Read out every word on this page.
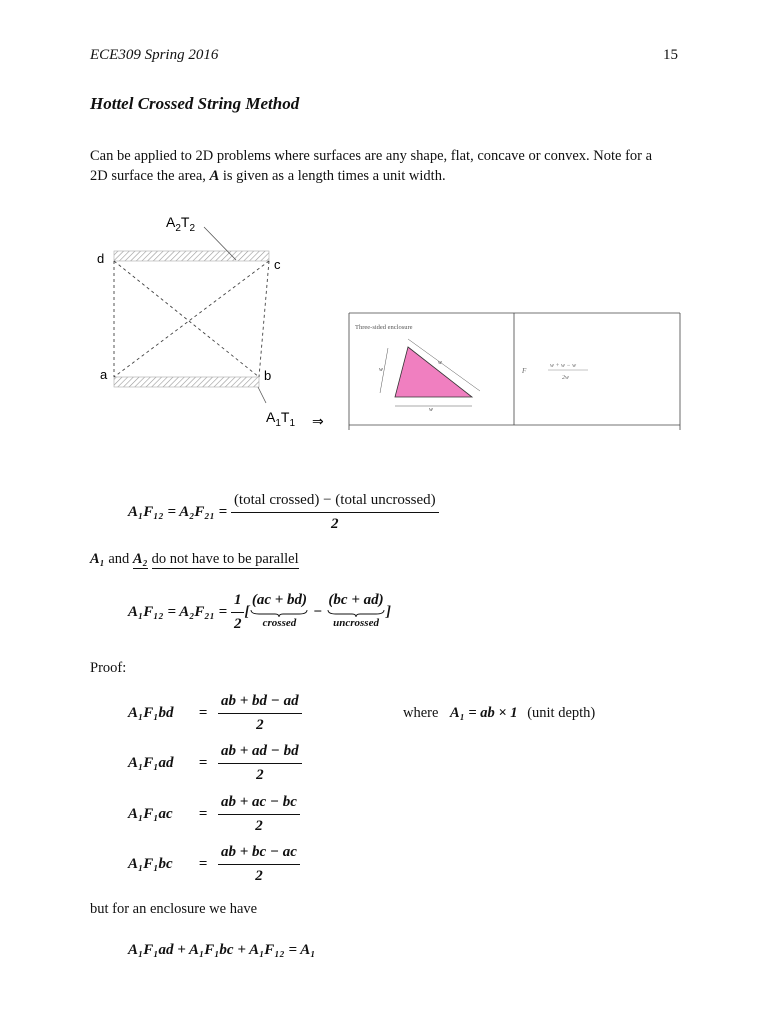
ECE309 Spring 2016	15
Hottel Crossed String Method
Can be applied to 2D problems where surfaces are any shape, flat, concave or convex. Note for a
2D surface the area, A is given as a length times a unit width.
$A_2T_2$
d	c
a	b
$A_1T_1$ ⇒
Three-sided enclosure
w
w
w
F
w + w − w
2w
$A_1F_{12} = A_2F_{21} = \frac{\text{(total crossed) − (total uncrossed)}}{2}$
A₁ and A₂ do not have to be parallel
$A_1F_{12} = A_2F_{21} = \frac{1}{2}$ [
(ac + bd)
crossed
−
(bc + ad)
uncrossed
]
Proof:
$A_1F_1bd = \frac{ab + bd - ad}{2}$	where A₁ = ab × 1 (unit depth)
$A_1F_1ad = \frac{ab + ad - bd}{2}$
$A_1F_1ac = \frac{ab + ac - bc}{2}$
$A_1F_1bc = \frac{ab + bc - ac}{2}$
but for an enclosure we have
A₁F₁ad + A₁F₁bc + A₁F₁₂ = A₁
